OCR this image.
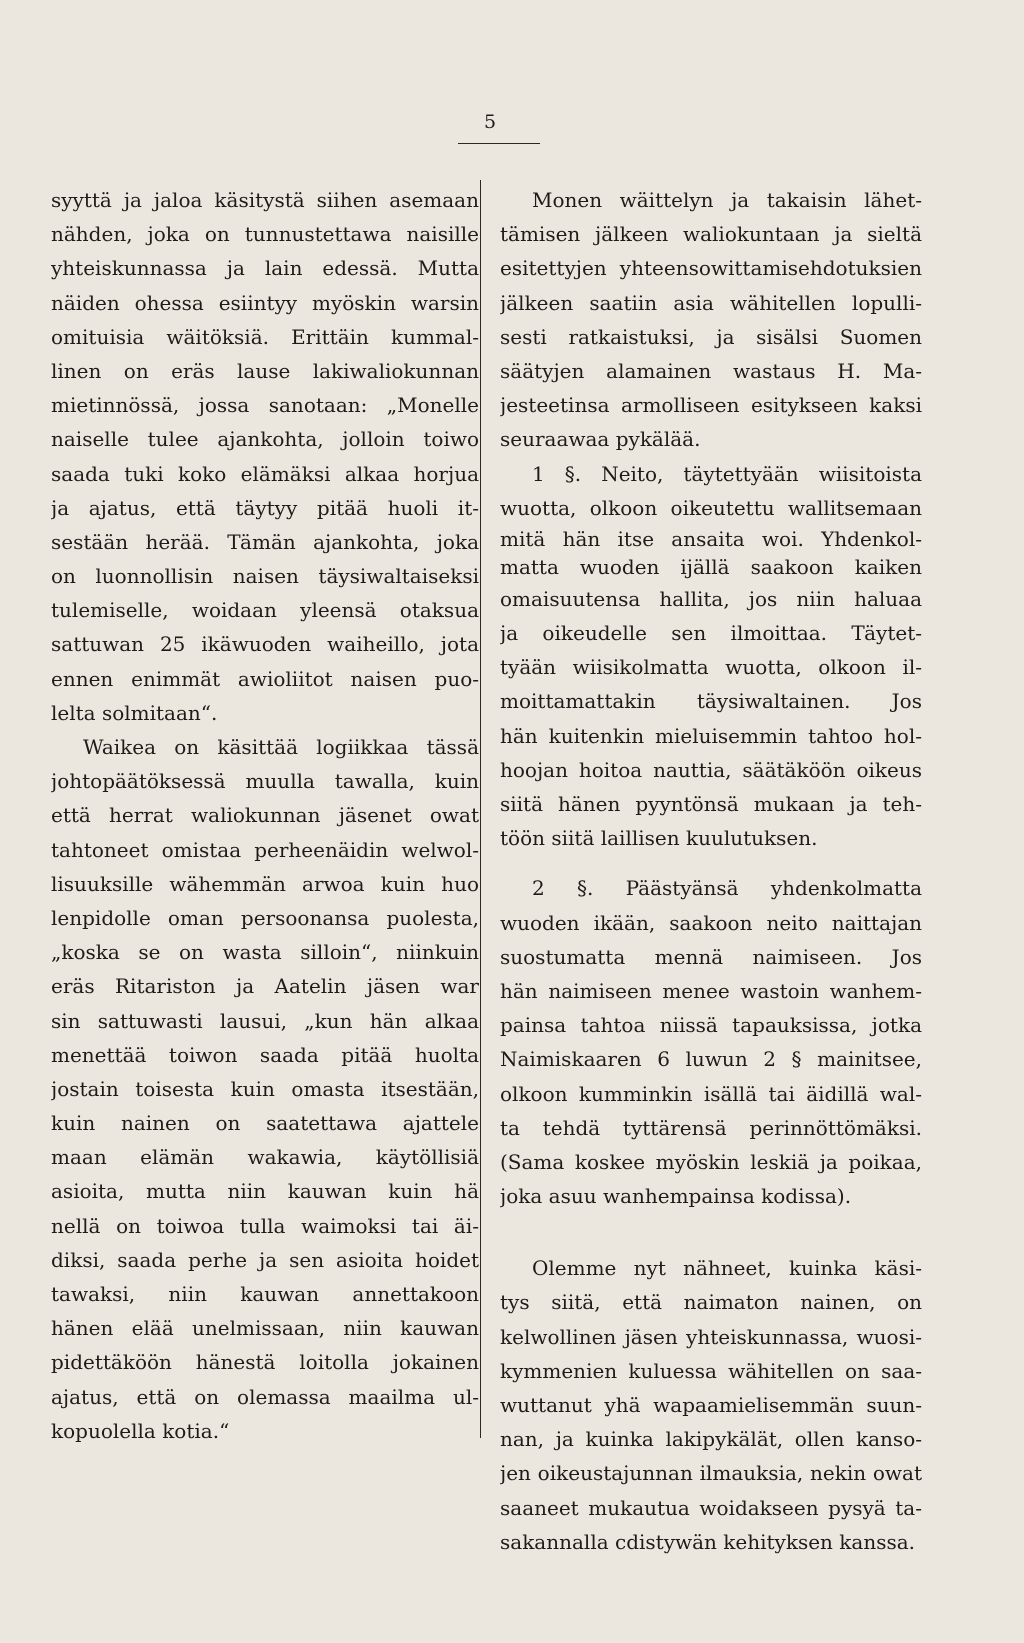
5
syyttä ja jaloa käsitystä siihen asemaan
nähden, joka on tunnustettawa naisille
yhteiskunnassa ja lain edessä. Mutta
näiden ohessa esiintyy myöskin warsin
omituisia wäitöksiä. Erittäin kummal-
linen on eräs lause lakiwaliokunnan
mietinnössä, jossa sanotaan: „Monelle
naiselle tulee ajankohta, jolloin toiwo
saada tuki koko elämäksi alkaa horjua
ja ajatus, että täytyy pitää huoli it-
sestään herää. Tämän ajankohta, joka
on luonnollisin naisen täysiwaltaiseksi
tulemiselle, woidaan yleensä otaksua
sattuwan 25 ikäwuoden waiheillo, jota
ennen enimmät awioliitot naisen puo-
lelta solmitaan“.
Waikea on käsittää logiikkaa tässä
johtopäätöksessä muulla tawalla, kuin
että herrat waliokunnan jäsenet owat
tahtoneet omistaa perheenäidin welwol-
lisuuksille wähemmän arwoa kuin huo
lenpidolle oman persoonansa puolesta,
„koska se on wasta silloin“, niinkuin
eräs Ritariston ja Aatelin jäsen war
sin sattuwasti lausui, „kun hän alkaa
menettää toiwon saada pitää huolta
jostain toisesta kuin omasta itsestään,
kuin nainen on saatettawa ajattele
maan elämän wakawia, käytöllisiä
asioita, mutta niin kauwan kuin hä
nellä on toiwoa tulla waimoksi tai äi-
diksi, saada perhe ja sen asioita hoidet
tawaksi, niin kauwan annettakoon
hänen elää unelmissaan, niin kauwan
pidettäköön hänestä loitolla jokainen
ajatus, että on olemassa maailma ul-
kopuolella kotia.“
Monen wäittelyn ja takaisin lähet-
tämisen jälkeen waliokuntaan ja sieltä
esitettyjen yhteensowittamisehdotuksien
jälkeen saatiin asia wähitellen lopulli-
sesti ratkaistuksi, ja sisälsi Suomen
säätyjen alamainen wastaus H. Ma-
jesteetinsa armolliseen esitykseen kaksi
seuraawaa pykälää.
1 §. Neito, täytettyään wiisitoista
wuotta, olkoon oikeutettu wallitsemaan
mitä hän itse ansaita woi. Yhdenkol-
matta wuoden ijällä saakoon kaiken
omaisuutensa hallita, jos niin haluaa
ja oikeudelle sen ilmoittaa. Täytet-
tyään wiisikolmatta wuotta, olkoon il-
moittamattakin täysiwaltainen. Jos
hän kuitenkin mieluisemmin tahtoo hol-
hoojan hoitoa nauttia, säätäköön oikeus
siitä hänen pyyntönsä mukaan ja teh-
töön siitä laillisen kuulutuksen.
2 §. Päästyänsä yhdenkolmatta
wuoden ikään, saakoon neito naittajan
suostumatta mennä naimiseen. Jos
hän naimiseen menee wastoin wanhem-
painsa tahtoa niissä tapauksissa, jotka
Naimiskaaren 6 luwun 2 § mainitsee,
olkoon kumminkin isällä tai äidillä wal-
ta tehdä tyttärensä perinnöttömäksi.
(Sama koskee myöskin leskiä ja poikaa,
joka asuu wanhempainsa kodissa).
Olemme nyt nähneet, kuinka käsi-
tys siitä, että naimaton nainen, on
kelwollinen jäsen yhteiskunnassa, wuosi-
kymmenien kuluessa wähitellen on saa-
wuttanut yhä wapaamielisemmän suun-
nan, ja kuinka lakipykälät, ollen kanso-
jen oikeustajunnan ilmauksia, nekin owat
saaneet mukautua woidakseen pysyä ta-
sakannalla cdistywän kehityksen kanssa.
